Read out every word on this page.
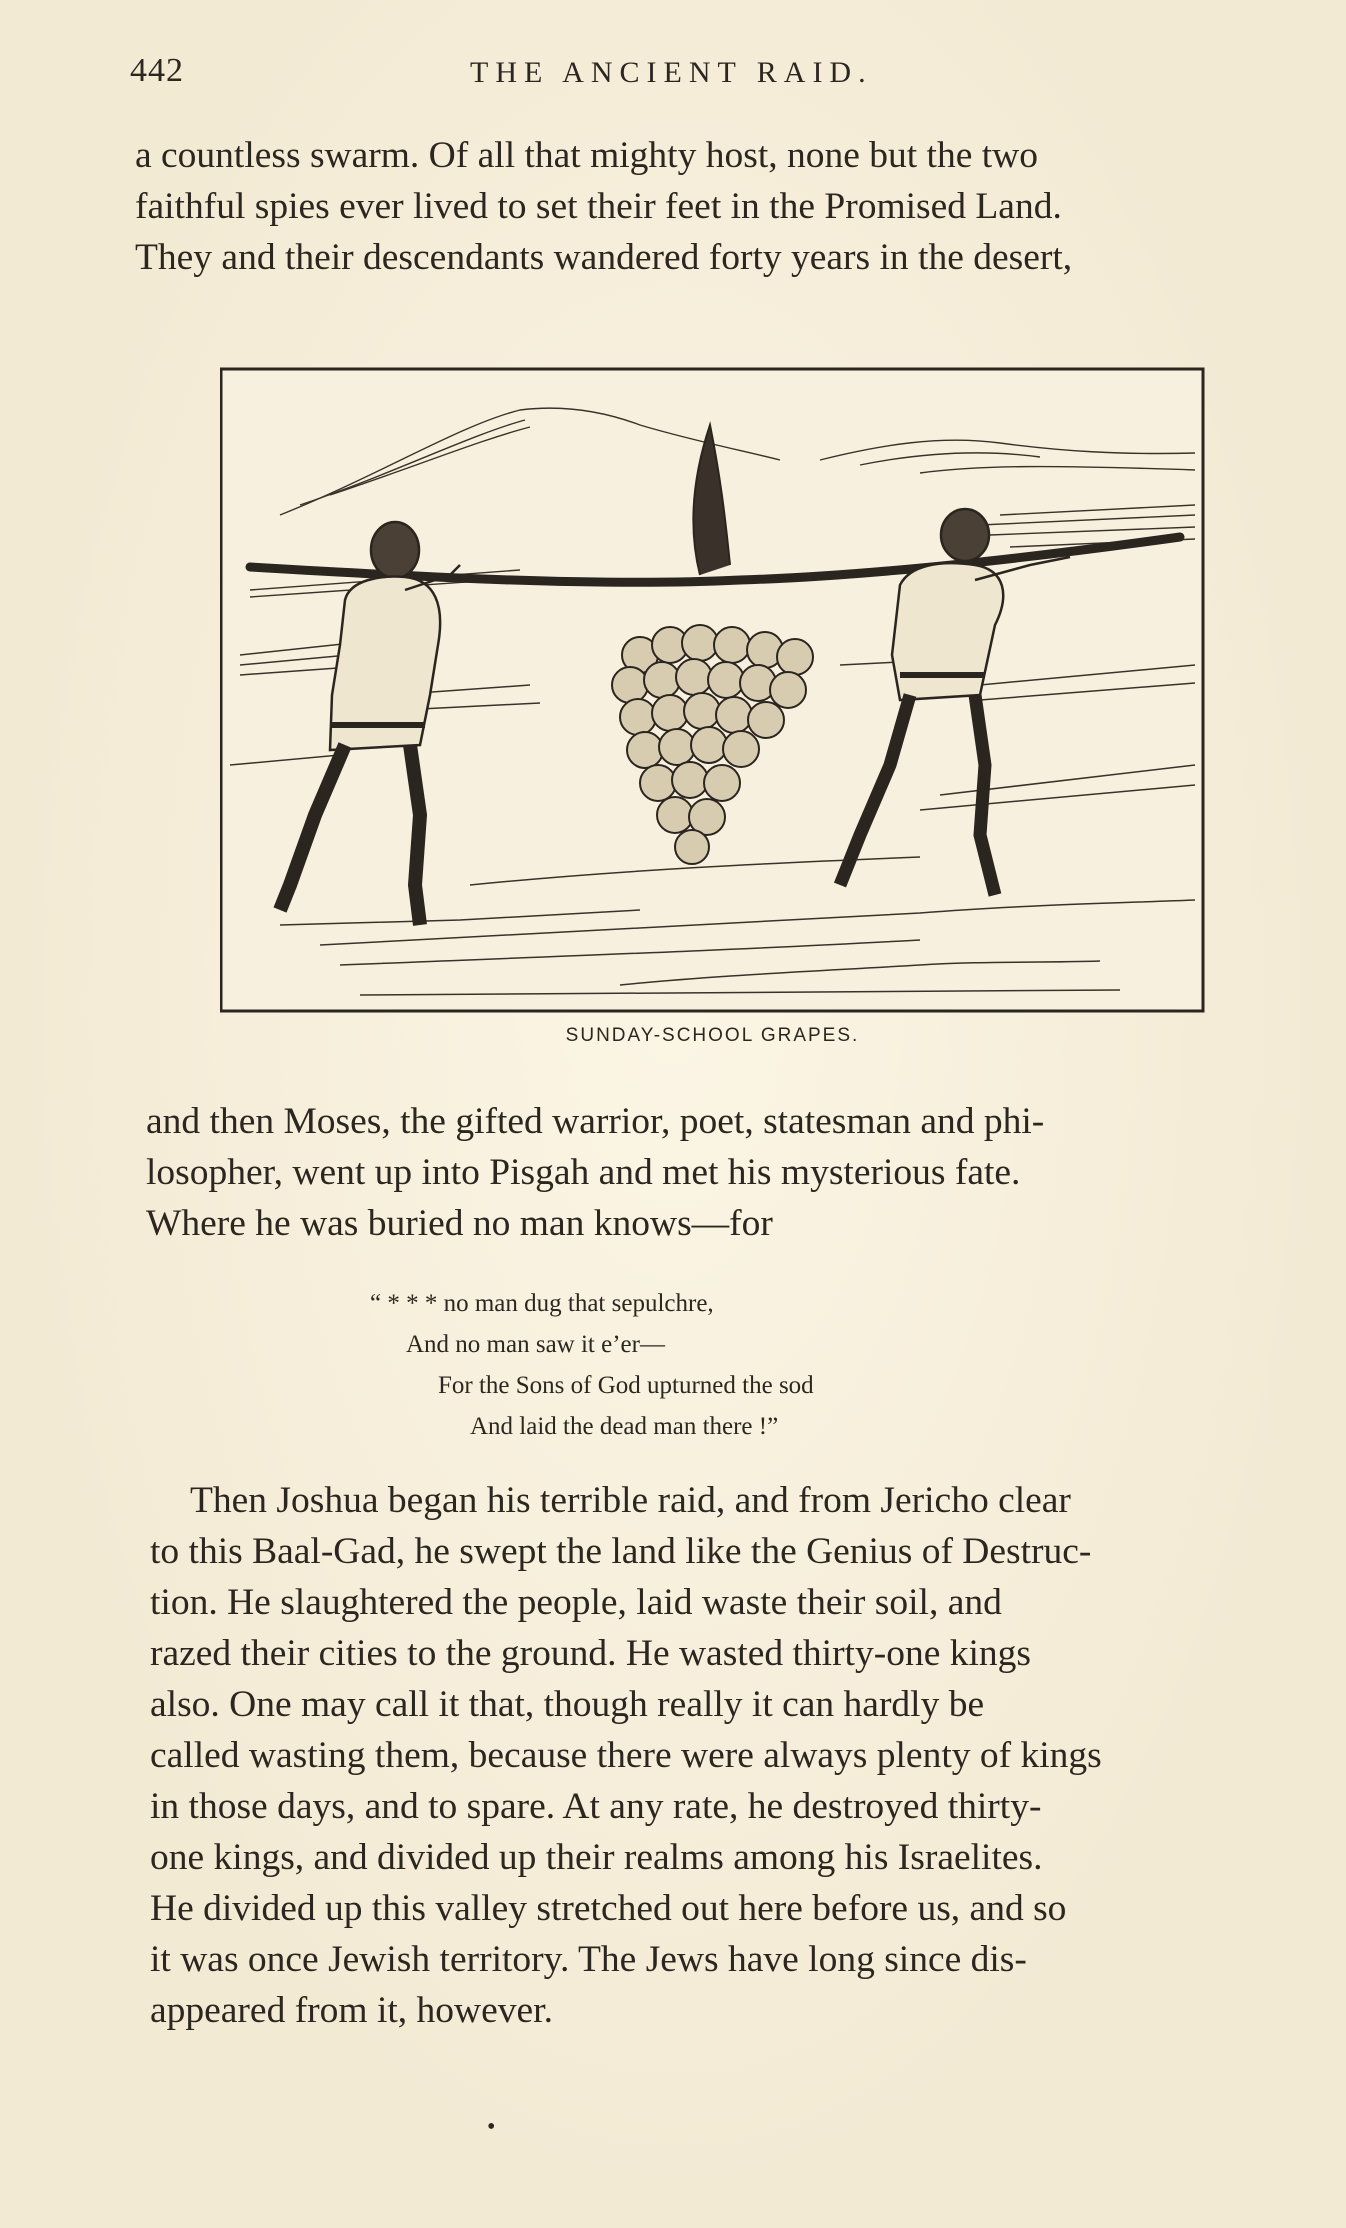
442	THE ANCIENT RAID.
a countless swarm. Of all that mighty host, none but the two
faithful spies ever lived to set their feet in the Promised Land.
They and their descendants wandered forty years in the desert,
SUNDAY-SCHOOL GRAPES.
and then Moses, the gifted warrior, poet, statesman and phi-
losopher, went up into Pisgah and met his mysterious fate.
Where he was buried no man knows—for
“ * * * no man dug that sepulchre,
And no man saw it e’er—
For the Sons of God upturned the sod
And laid the dead man there !”
Then Joshua began his terrible raid, and from Jericho clear
to this Baal-Gad, he swept the land like the Genius of Destruc-
tion. He slaughtered the people, laid waste their soil, and
razed their cities to the ground. He wasted thirty-one kings
also. One may call it that, though really it can hardly be
called wasting them, because there were always plenty of kings
in those days, and to spare. At any rate, he destroyed thirty-
one kings, and divided up their realms among his Israelites.
He divided up this valley stretched out here before us, and so
it was once Jewish territory. The Jews have long since dis-
appeared from it, however.
•
